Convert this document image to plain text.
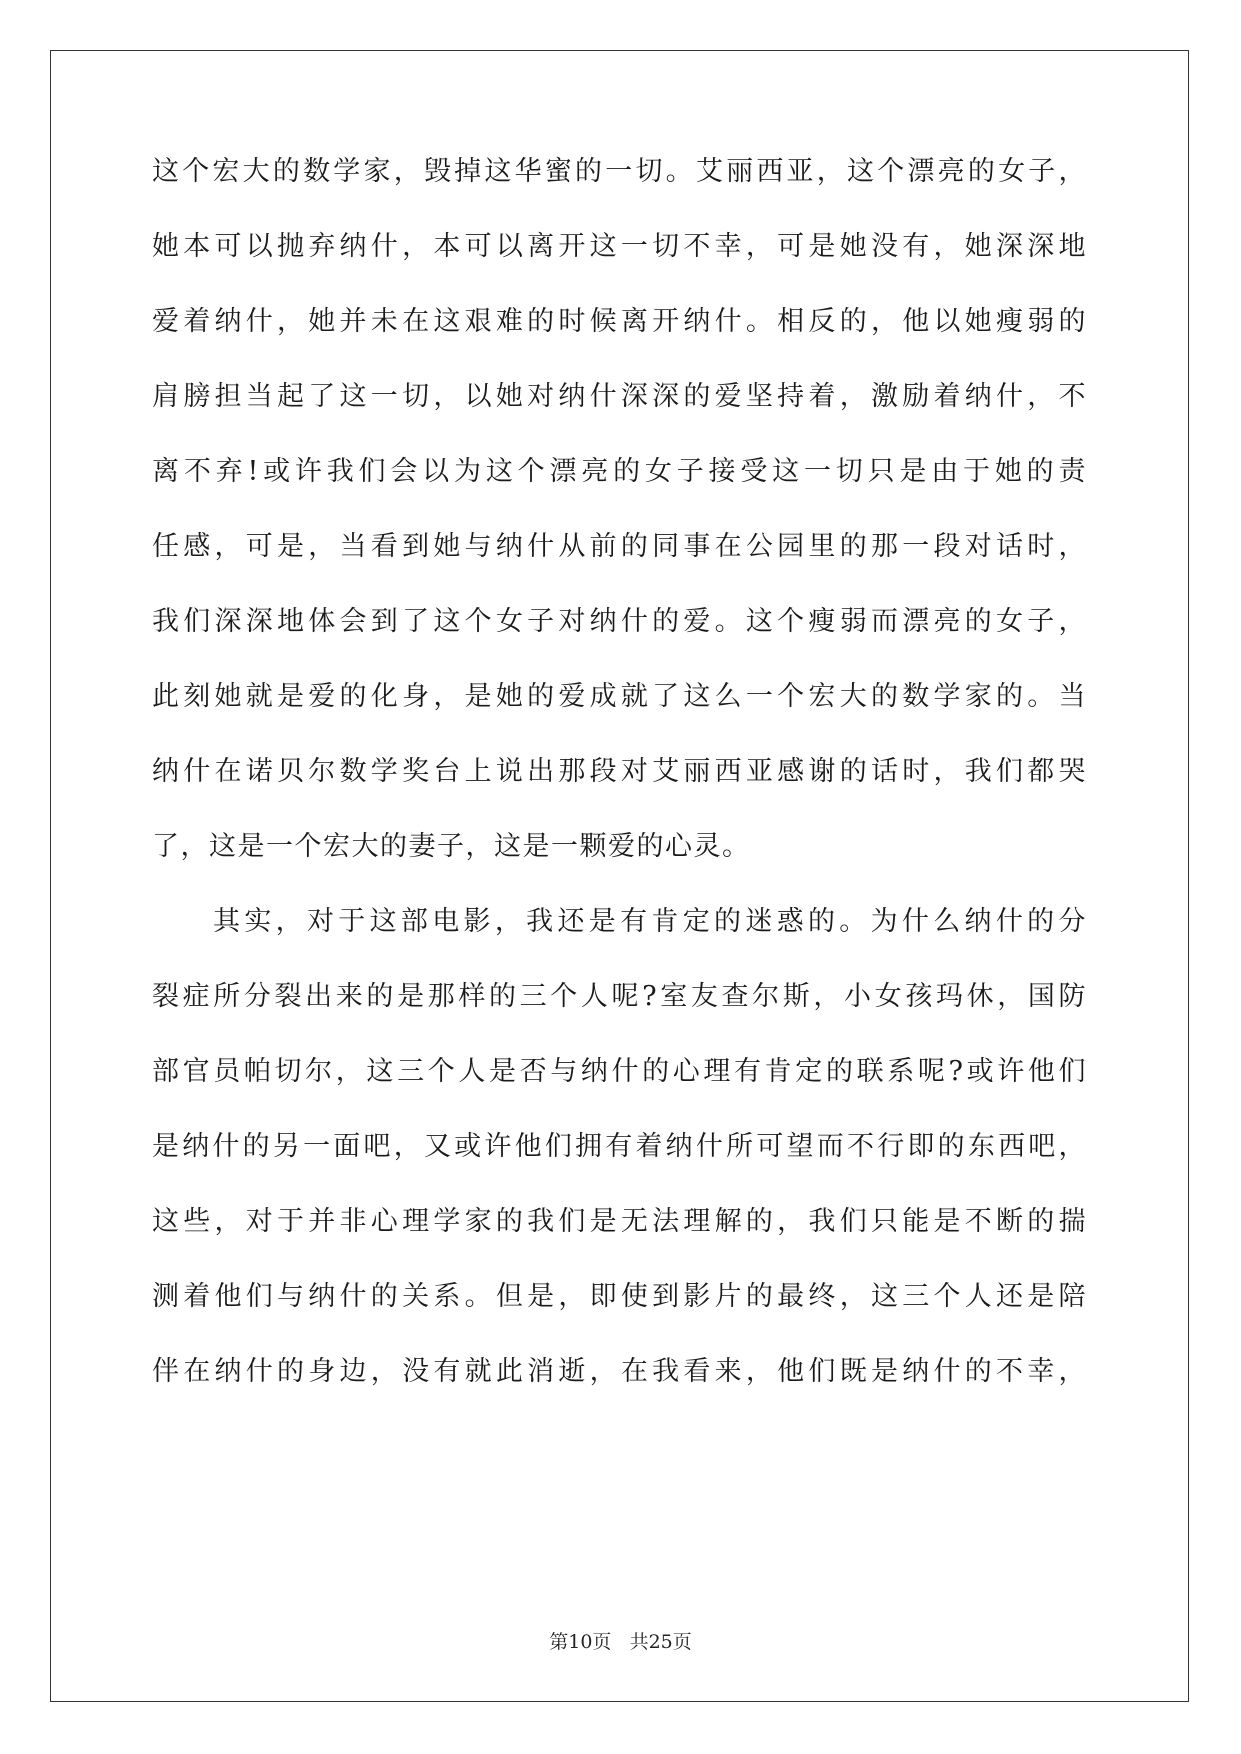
这个宏大的数学家，毁掉这华蜜的一切。艾丽西亚，这个漂亮的女子，
她本可以抛弃纳什，本可以离开这一切不幸，可是她没有，她深深地
爱着纳什，她并未在这艰难的时候离开纳什。相反的，他以她瘦弱的
肩膀担当起了这一切，以她对纳什深深的爱坚持着，激励着纳什，不
离不弃!或许我们会以为这个漂亮的女子接受这一切只是由于她的责
任感，可是，当看到她与纳什从前的同事在公园里的那一段对话时，
我们深深地体会到了这个女子对纳什的爱。这个瘦弱而漂亮的女子，
此刻她就是爱的化身，是她的爱成就了这么一个宏大的数学家的。当
纳什在诺贝尔数学奖台上说出那段对艾丽西亚感谢的话时，我们都哭
了，这是一个宏大的妻子，这是一颗爱的心灵。
其实，对于这部电影，我还是有肯定的迷惑的。为什么纳什的分
裂症所分裂出来的是那样的三个人呢?室友查尔斯，小女孩玛休，国防
部官员帕切尔，这三个人是否与纳什的心理有肯定的联系呢?或许他们
是纳什的另一面吧，又或许他们拥有着纳什所可望而不行即的东西吧，
这些，对于并非心理学家的我们是无法理解的，我们只能是不断的揣
测着他们与纳什的关系。但是，即使到影片的最终，这三个人还是陪
伴在纳什的身边，没有就此消逝，在我看来，他们既是纳什的不幸，
第10页 共25页
